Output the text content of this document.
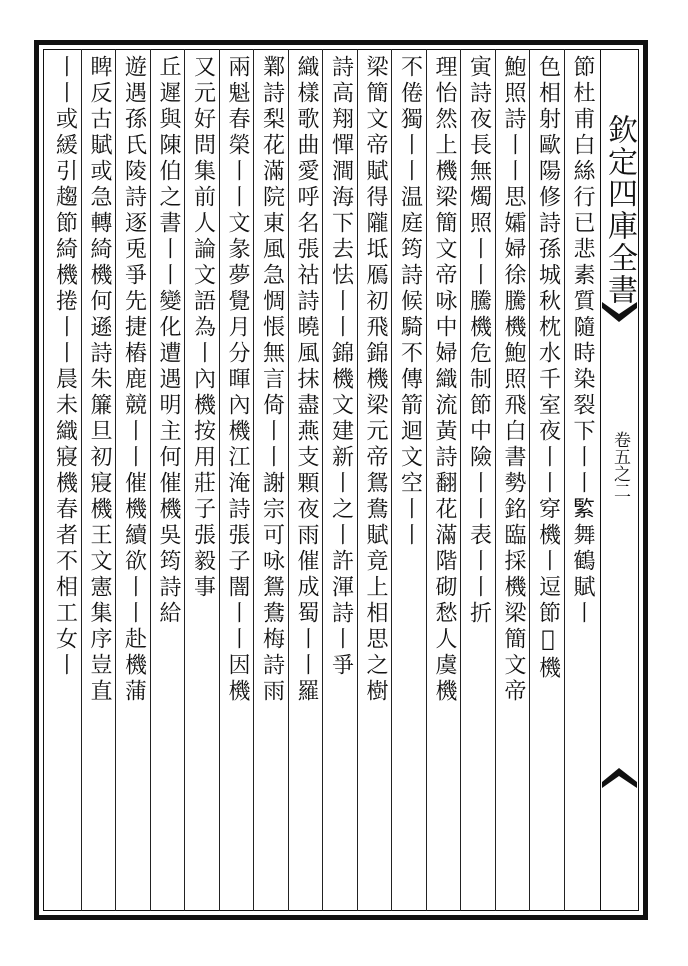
欽定四庫全書
卷五之二
節杜甫白絲行已悲素質隨時染裂下丨丨𦂳舞鶴賦丨
色相射歐陽修詩孫城秋枕水千室夜丨丨穿機丨逗節𡨕機
鮑照詩丨丨思孀婦徐騰機鮑照飛白書勢銘臨採機梁簡文帝
寅詩夜長無燭照丨丨騰機危制節中險丨丨表丨丨折
理怡然上機梁簡文帝咏中婦織流黃詩翻花滿階砌愁人虞機
不倦獨丨丨温庭筠詩候騎不傳箭迴文空丨丨
梁簡文帝賦得隴坻鴈初飛錦機梁元帝鴛鴦賦竟上相思之樹
詩高翔憚澗海下去怯丨丨錦機文建新丨之丨許渾詩丨爭
織樣歌曲愛呼名張祜詩曉風抹盡燕支顆夜雨催成蜀丨丨羅
鄴詩梨花滿院東風急惆悵無言倚丨丨謝宗可咏鴛鴦梅詩雨
兩魁春榮丨丨文彖夢覺月分暉內機江淹詩張子闇丨丨因機
又元好問集前人論文語為丨內機按用莊子張毅事
丘遲與陳伯之書丨丨變化遭遇明主何催機吳筠詩給
遊遇孫氏陵詩逐兎爭先捷樁鹿競丨丨催機續欲丨丨赴機蒲
睥反古賦或急轉綺機何遜詩朱簾旦初寢機王文憲集序豈直
丨丨或緩引趨節綺機捲丨丨晨未織寢機春者不相工女丨
